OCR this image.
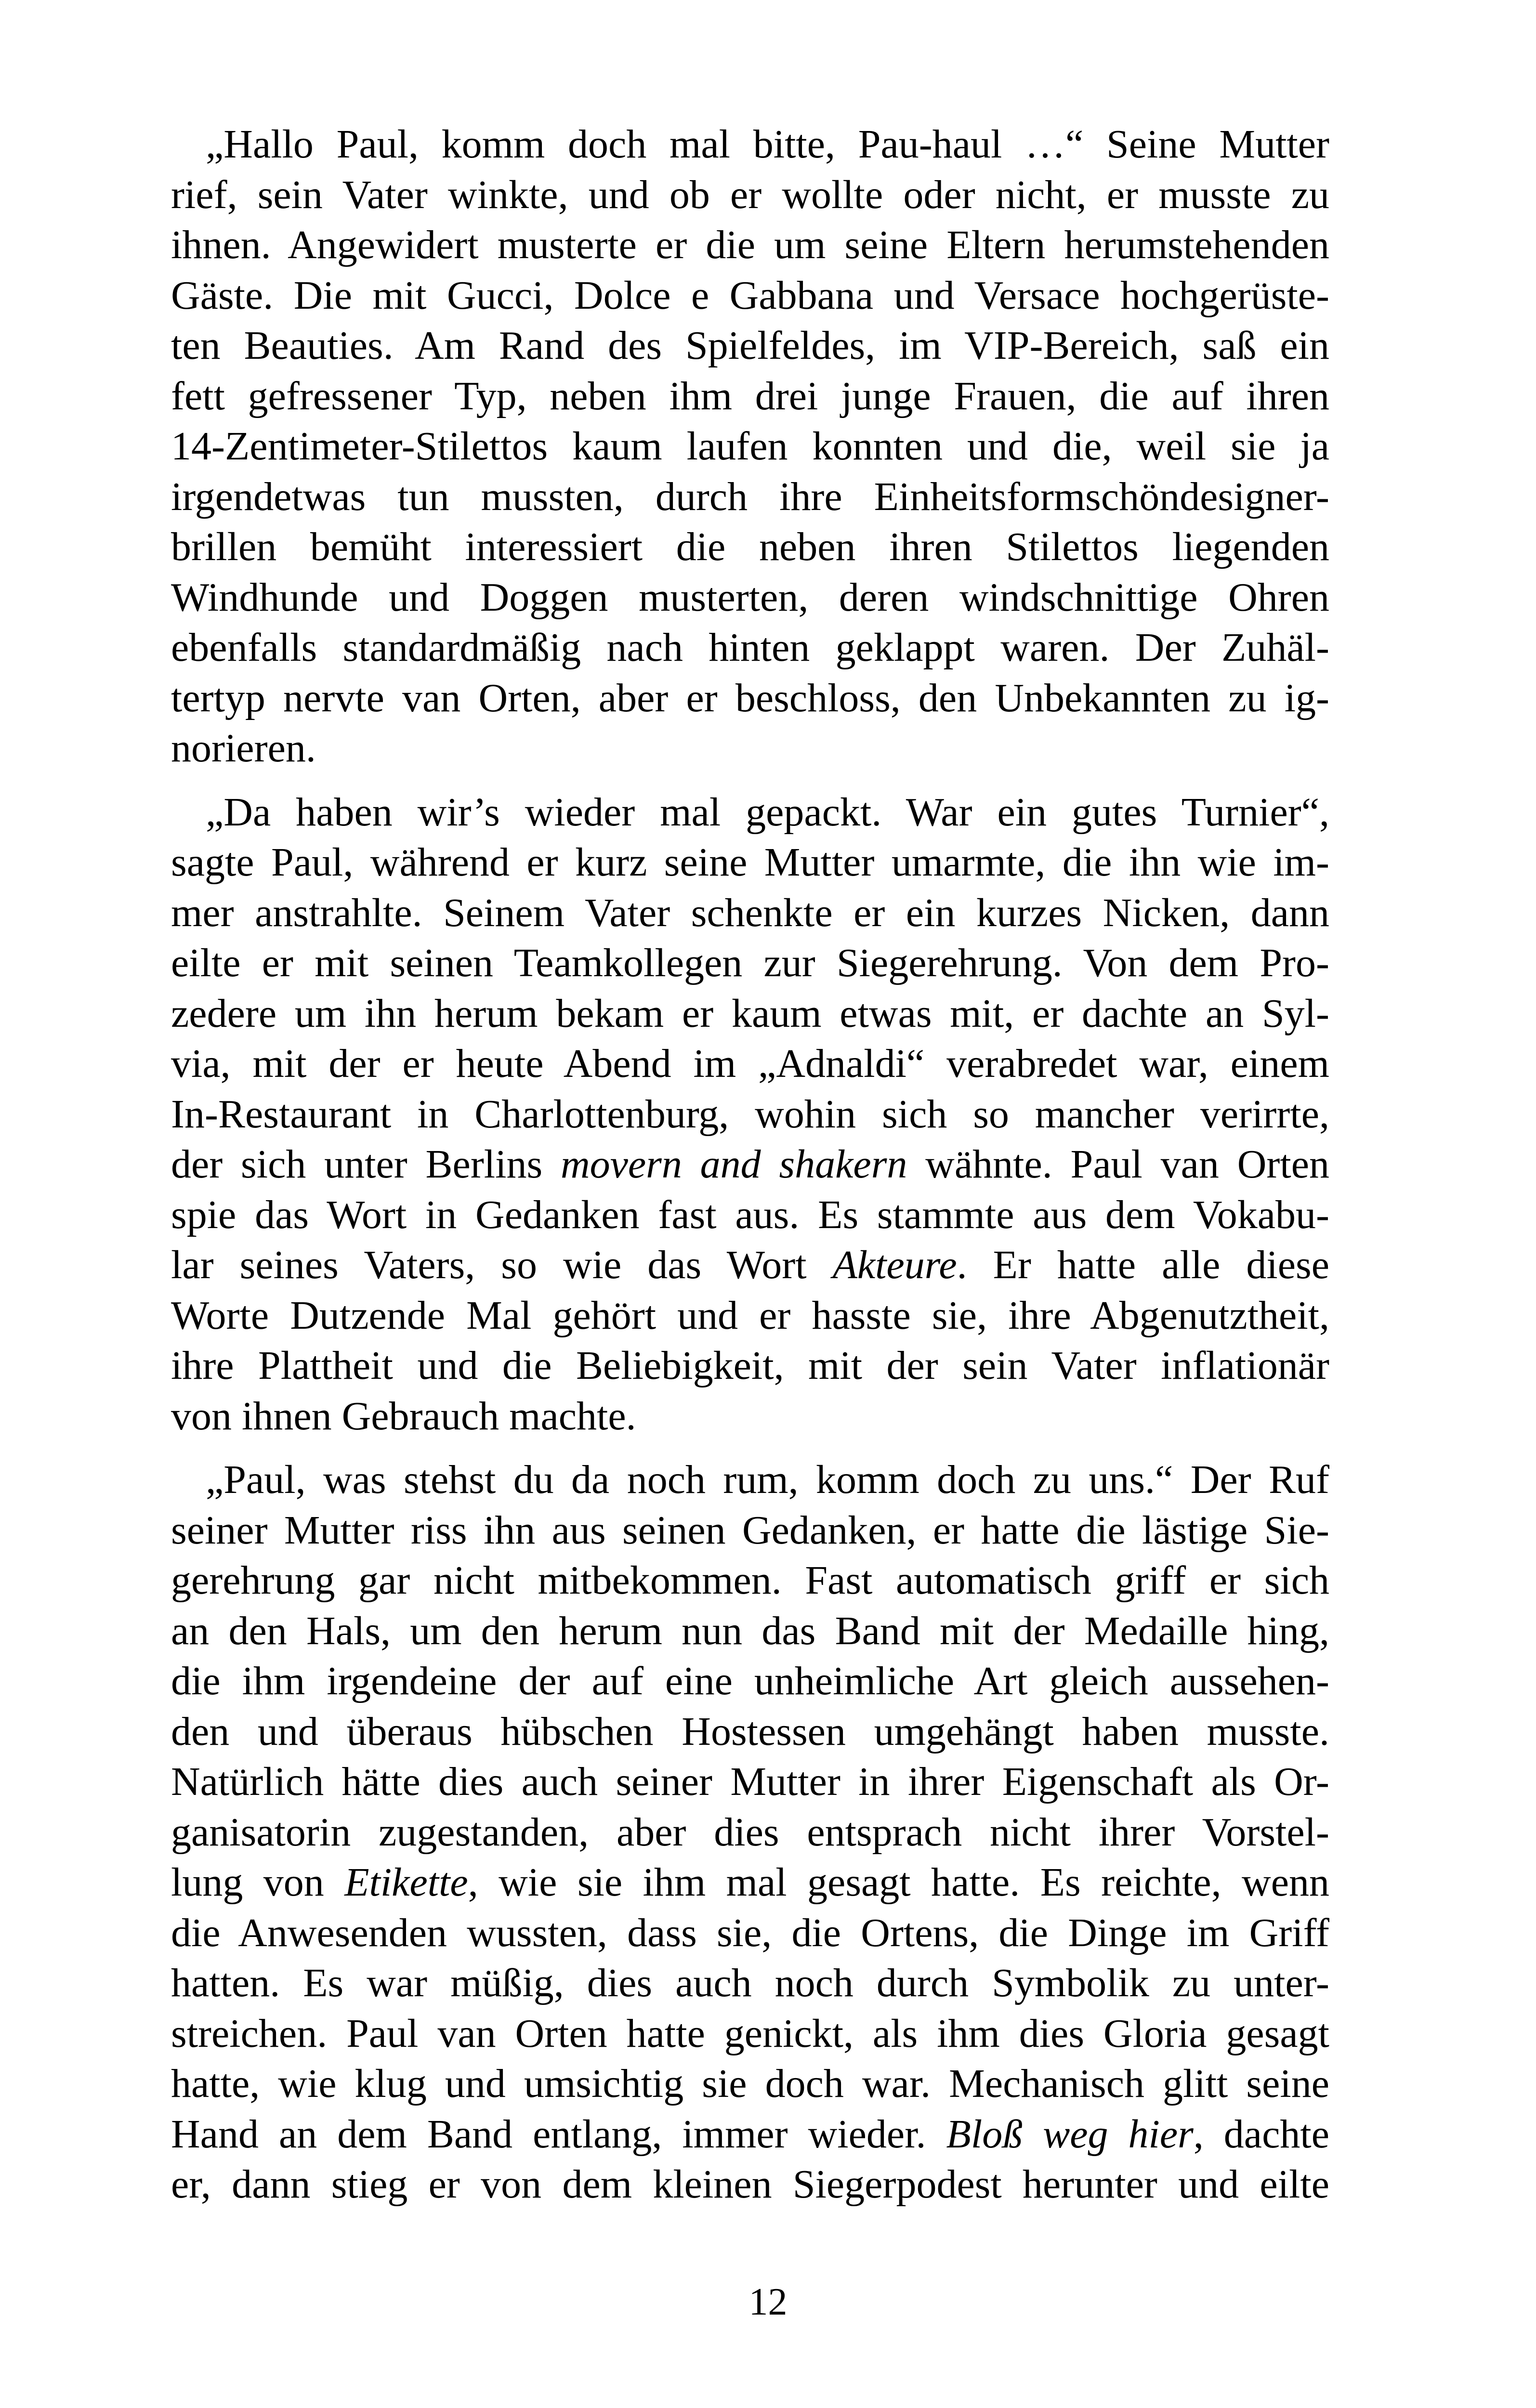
„Hallo Paul, komm doch mal bitte, Pau-haul …“ Seine Mutter
rief, sein Vater winkte, und ob er wollte oder nicht, er musste zu
ihnen. Angewidert musterte er die um seine Eltern herumstehenden
Gäste. Die mit Gucci, Dolce e Gabbana und Versace hochgerüste-
ten Beauties. Am Rand des Spielfeldes, im VIP-Bereich, saß ein
fett gefressener Typ, neben ihm drei junge Frauen, die auf ihren
14-Zentimeter-Stilettos kaum laufen konnten und die, weil sie ja
irgendetwas tun mussten, durch ihre Einheitsformschöndesigner-
brillen bemüht interessiert die neben ihren Stilettos liegenden
Windhunde und Doggen musterten, deren windschnittige Ohren
ebenfalls standardmäßig nach hinten geklappt waren. Der Zuhäl-
tertyp nervte van Orten, aber er beschloss, den Unbekannten zu ig-
norieren.
„Da haben wir’s wieder mal gepackt. War ein gutes Turnier“,
sagte Paul, während er kurz seine Mutter umarmte, die ihn wie im-
mer anstrahlte. Seinem Vater schenkte er ein kurzes Nicken, dann
eilte er mit seinen Teamkollegen zur Siegerehrung. Von dem Pro-
zedere um ihn herum bekam er kaum etwas mit, er dachte an Syl-
via, mit der er heute Abend im „Adnaldi“ verabredet war, einem
In-Restaurant in Charlottenburg, wohin sich so mancher verirrte,
der sich unter Berlins movern and shakern wähnte. Paul van Orten
spie das Wort in Gedanken fast aus. Es stammte aus dem Vokabu-
lar seines Vaters, so wie das Wort Akteure. Er hatte alle diese
Worte Dutzende Mal gehört und er hasste sie, ihre Abgenutztheit,
ihre Plattheit und die Beliebigkeit, mit der sein Vater inflationär
von ihnen Gebrauch machte.
„Paul, was stehst du da noch rum, komm doch zu uns.“ Der Ruf
seiner Mutter riss ihn aus seinen Gedanken, er hatte die lästige Sie-
gerehrung gar nicht mitbekommen. Fast automatisch griff er sich
an den Hals, um den herum nun das Band mit der Medaille hing,
die ihm irgendeine der auf eine unheimliche Art gleich aussehen-
den und überaus hübschen Hostessen umgehängt haben musste.
Natürlich hätte dies auch seiner Mutter in ihrer Eigenschaft als Or-
ganisatorin zugestanden, aber dies entsprach nicht ihrer Vorstel-
lung von Etikette, wie sie ihm mal gesagt hatte. Es reichte, wenn
die Anwesenden wussten, dass sie, die Ortens, die Dinge im Griff
hatten. Es war müßig, dies auch noch durch Symbolik zu unter-
streichen. Paul van Orten hatte genickt, als ihm dies Gloria gesagt
hatte, wie klug und umsichtig sie doch war. Mechanisch glitt seine
Hand an dem Band entlang, immer wieder. Bloß weg hier, dachte
er, dann stieg er von dem kleinen Siegerpodest herunter und eilte
12
